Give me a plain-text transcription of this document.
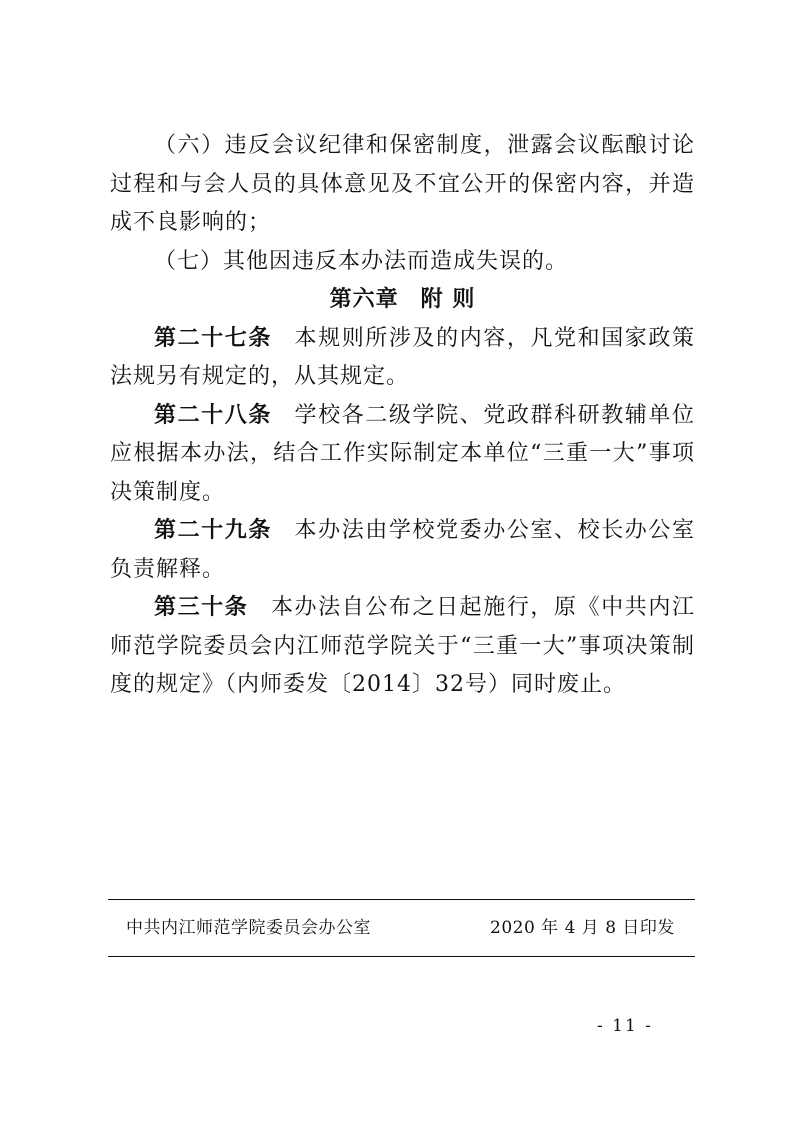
（六）违反会议纪律和保密制度，泄露会议酝酿讨论过程和与会人员的具体意见及不宜公开的保密内容，并造成不良影响的；

（七）其他因违反本办法而造成失误的。

第六章 附 则

第二十七条 本规则所涉及的内容，凡党和国家政策法规另有规定的，从其规定。

第二十八条 学校各二级学院、党政群科研教辅单位应根据本办法，结合工作实际制定本单位“三重一大”事项决策制度。

第二十九条 本办法由学校党委办公室、校长办公室负责解释。

第三十条 本办法自公布之日起施行，原《中共内江师范学院委员会内江师范学院关于“三重一大”事项决策制度的规定》（内师委发〔2014〕32号）同时废止。

中共内江师范学院委员会办公室	2020 年 4 月 8 日印发
- 11 -
